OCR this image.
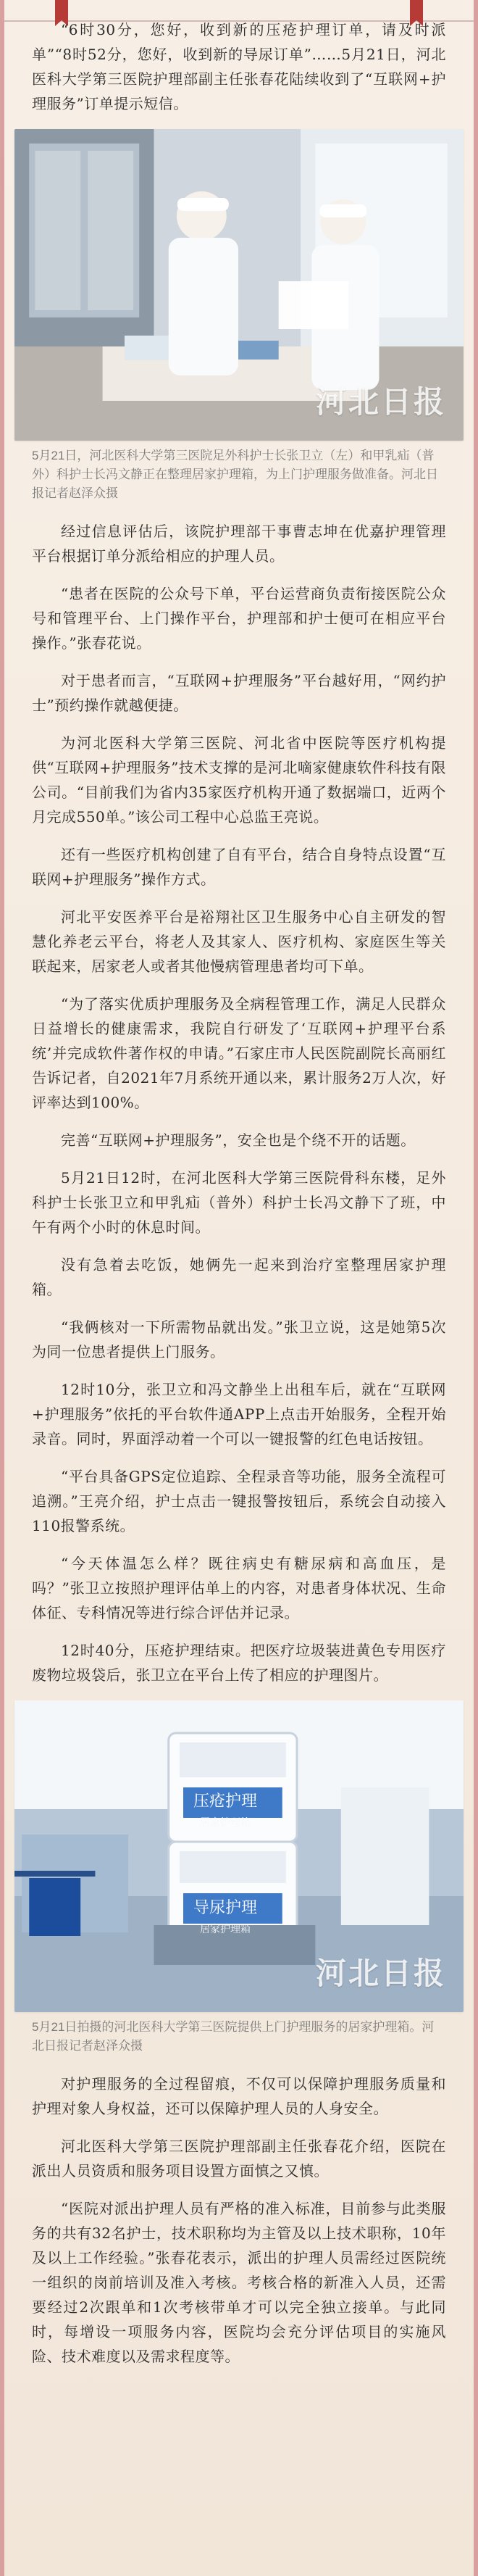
“6时30分，您好，收到新的压疮护理订单，请及时派单”“8时52分，您好，收到新的导尿订单”……5月21日，河北医科大学第三医院护理部副主任张春花陆续收到了“互联网+护理服务”订单提示短信。

河北日报

5月21日，河北医科大学第三医院足外科护士长张卫立（左）和甲乳疝（普外）科护士长冯文静正在整理居家护理箱，为上门护理服务做准备。河北日报记者赵泽众摄

经过信息评估后，该院护理部干事曹志坤在优嘉护理管理平台根据订单分派给相应的护理人员。

“患者在医院的公众号下单，平台运营商负责衔接医院公众号和管理平台、上门操作平台，护理部和护士便可在相应平台操作。”张春花说。

对于患者而言，“互联网+护理服务”平台越好用，“网约护士”预约操作就越便捷。

为河北医科大学第三医院、河北省中医院等医疗机构提供“互联网+护理服务”技术支撑的是河北嘀家健康软件科技有限公司。“目前我们为省内35家医疗机构开通了数据端口，近两个月完成550单。”该公司工程中心总监王亮说。

还有一些医疗机构创建了自有平台，结合自身特点设置“互联网+护理服务”操作方式。

河北平安医养平台是裕翔社区卫生服务中心自主研发的智慧化养老云平台，将老人及其家人、医疗机构、家庭医生等关联起来，居家老人或者其他慢病管理患者均可下单。

“为了落实优质护理服务及全病程管理工作，满足人民群众日益增长的健康需求，我院自行研发了‘互联网+护理平台系统’并完成软件著作权的申请。”石家庄市人民医院副院长高丽红告诉记者，自2021年7月系统开通以来，累计服务2万人次，好评率达到100%。

完善“互联网+护理服务”，安全也是个绕不开的话题。

5月21日12时，在河北医科大学第三医院骨科东楼，足外科护士长张卫立和甲乳疝（普外）科护士长冯文静下了班，中午有两个小时的休息时间。

没有急着去吃饭，她俩先一起来到治疗室整理居家护理箱。

“我俩核对一下所需物品就出发。”张卫立说，这是她第5次为同一位患者提供上门服务。

12时10分，张卫立和冯文静坐上出租车后，就在“互联网+护理服务”依托的平台软件通APP上点击开始服务，全程开始录音。同时，界面浮动着一个可以一键报警的红色电话按钮。

“平台具备GPS定位追踪、全程录音等功能，服务全流程可追溯。”王亮介绍，护士点击一键报警按钮后，系统会自动接入110报警系统。

“今天体温怎么样？既往病史有糖尿病和高血压，是吗？”张卫立按照护理评估单上的内容，对患者身体状况、生命体征、专科情况等进行综合评估并记录。

12时40分，压疮护理结束。把医疗垃圾装进黄色专用医疗废物垃圾袋后，张卫立在平台上传了相应的护理图片。

压疮护理
导尿护理
居家护理箱
居家护理箱
河北日报

5月21日拍摄的河北医科大学第三医院提供上门护理服务的居家护理箱。河北日报记者赵泽众摄

对护理服务的全过程留痕，不仅可以保障护理服务质量和护理对象人身权益，还可以保障护理人员的人身安全。

河北医科大学第三医院护理部副主任张春花介绍，医院在派出人员资质和服务项目设置方面慎之又慎。

“医院对派出护理人员有严格的准入标准，目前参与此类服务的共有32名护士，技术职称均为主管及以上技术职称，10年及以上工作经验。”张春花表示，派出的护理人员需经过医院统一组织的岗前培训及准入考核。考核合格的新准入人员，还需要经过2次跟单和1次考核带单才可以完全独立接单。与此同时，每增设一项服务内容，医院均会充分评估项目的实施风险、技术难度以及需求程度等。
